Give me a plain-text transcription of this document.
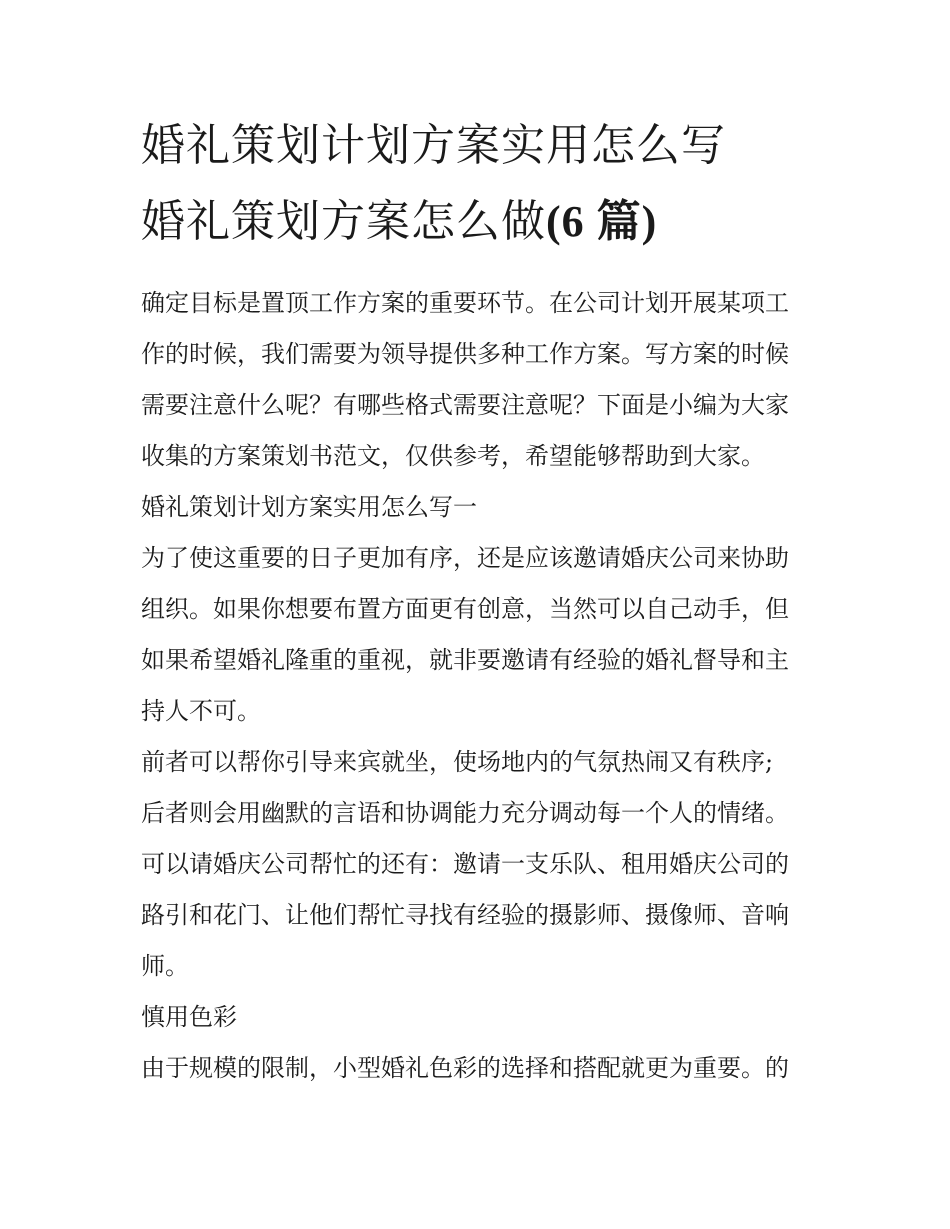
婚礼策划计划方案实用怎么写
婚礼策划方案怎么做(6 篇)

确定目标是置顶工作方案的重要环节。在公司计划开展某项工

作的时候，我们需要为领导提供多种工作方案。写方案的时候

需要注意什么呢？有哪些格式需要注意呢？下面是小编为大家

收集的方案策划书范文，仅供参考，希望能够帮助到大家。

婚礼策划计划方案实用怎么写一

为了使这重要的日子更加有序，还是应该邀请婚庆公司来协助

组织。如果你想要布置方面更有创意，当然可以自己动手，但

如果希望婚礼隆重的重视，就非要邀请有经验的婚礼督导和主

持人不可。

前者可以帮你引导来宾就坐，使场地内的气氛热闹又有秩序;

后者则会用幽默的言语和协调能力充分调动每一个人的情绪。

可以请婚庆公司帮忙的还有：邀请一支乐队、租用婚庆公司的

路引和花门、让他们帮忙寻找有经验的摄影师、摄像师、音响

师。

慎用色彩

由于规模的限制，小型婚礼色彩的选择和搭配就更为重要。的
